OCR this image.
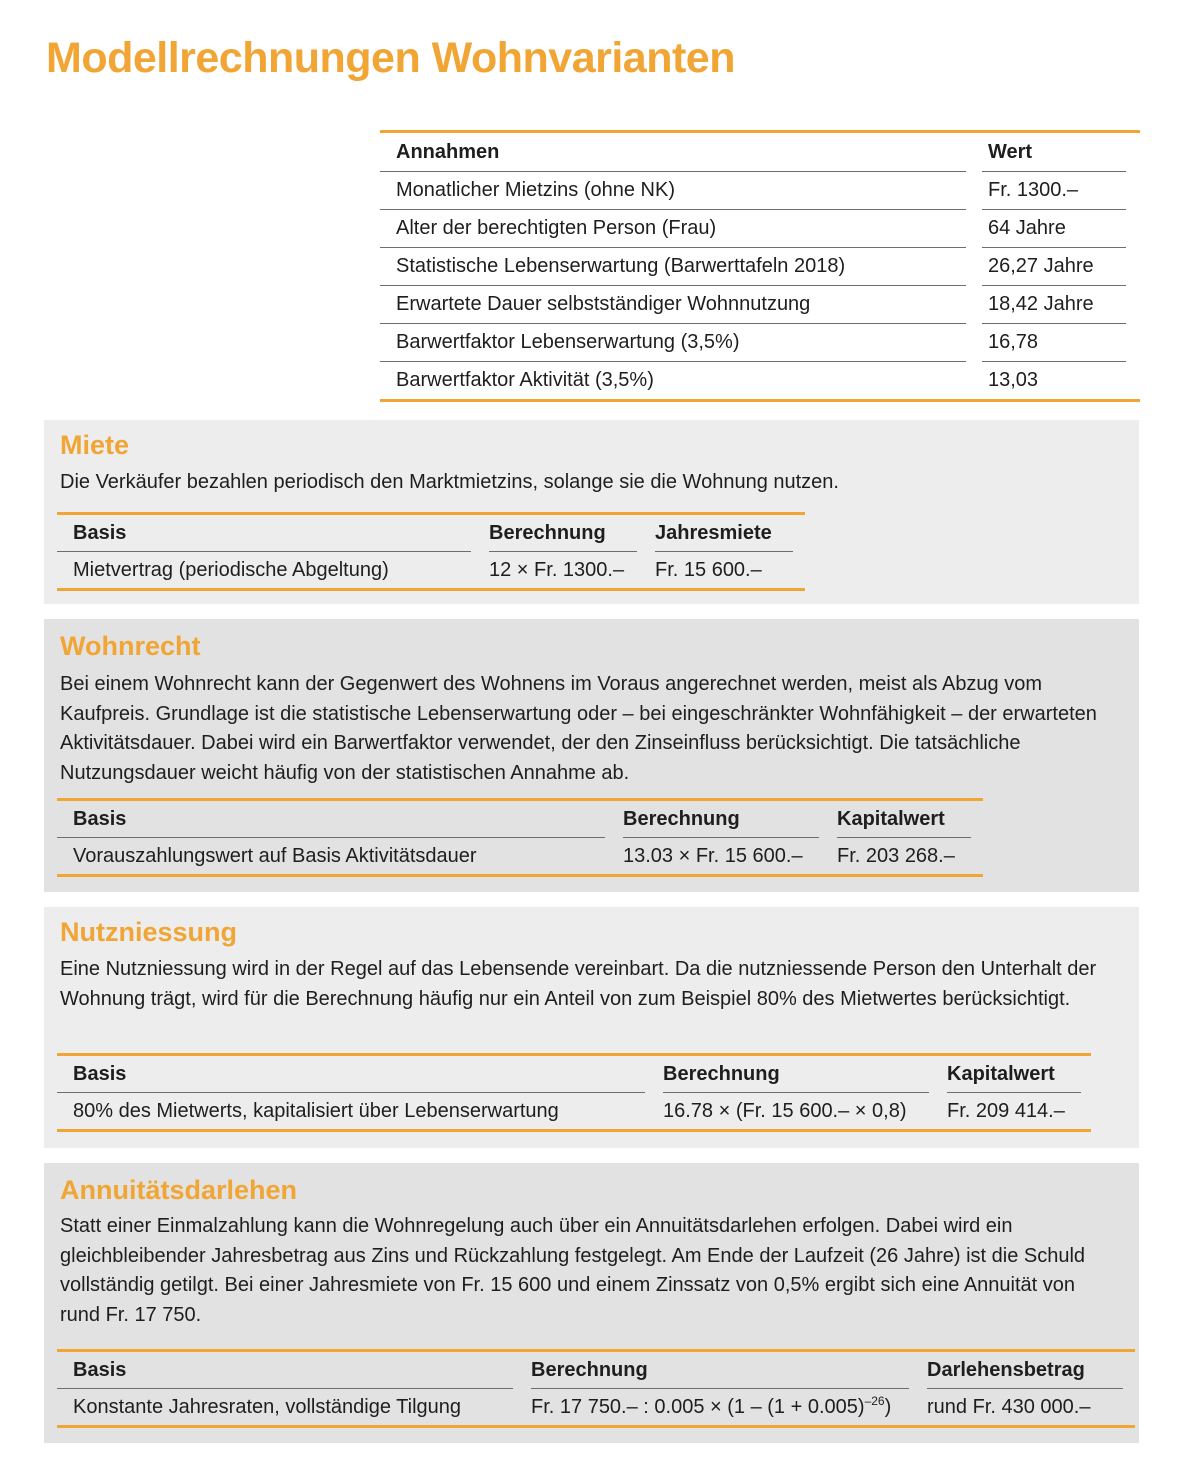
Modellrechnungen Wohnvarianten
Annahmen		Wert	
Monatlicher Mietzins (ohne NK)		Fr. 1300.–	
Alter der berechtigten Person (Frau)		64 Jahre	
Statistische Lebenserwartung (Barwerttafeln 2018)		26,27 Jahre	
Erwartete Dauer selbstständiger Wohnnutzung		18,42 Jahre	
Barwertfaktor Lebenserwartung (3,5%)		16,78	
Barwertfaktor Aktivität (3,5%)		13,03	
Miete

Die Verkäufer bezahlen periodisch den Marktmietzins, solange sie die Wohnung nutzen.

Basis		Berechnung		Jahresmiete
Mietvertrag (periodische Abgeltung)		12 × Fr. 1300.–		Fr. 15 600.–
Wohnrecht

Bei einem Wohnrecht kann der Gegenwert des Wohnens im Voraus angerechnet werden, meist als Abzug vom Kaufpreis. Grundlage ist die statistische Lebenserwartung oder – bei eingeschränkter Wohnfähigkeit – der erwarteten Aktivitätsdauer. Dabei wird ein Barwertfaktor verwendet, der den Zinseinfluss berücksichtigt. Die tatsächliche Nutzungsdauer weicht häufig von der statistischen Annahme ab.

Basis		Berechnung		Kapitalwert
Vorauszahlungswert auf Basis Aktivitätsdauer		13.03 × Fr. 15 600.–		Fr. 203 268.–
Nutzniessung

Eine Nutzniessung wird in der Regel auf das Lebensende vereinbart. Da die nutzniessende Person den Unterhalt der Wohnung trägt, wird für die Berechnung häufig nur ein Anteil von zum Beispiel 80% des Mietwertes berücksichtigt.

Basis		Berechnung		Kapitalwert
80% des Mietwerts, kapitalisiert über Lebenserwartung		16.78 × (Fr. 15 600.– × 0,8)		Fr. 209 414.–
Annuitätsdarlehen

Statt einer Einmalzahlung kann die Wohnregelung auch über ein Annuitätsdarlehen erfolgen. Dabei wird ein gleichbleibender Jahresbetrag aus Zins und Rückzahlung festgelegt. Am Ende der Laufzeit (26 Jahre) ist die Schuld vollständig getilgt. Bei einer Jahresmiete von Fr. 15 600 und einem Zinssatz von 0,5% ergibt sich eine Annuität von rund Fr. 17 750.

Basis		Berechnung		Darlehensbetrag
Konstante Jahresraten, vollständige Tilgung		Fr. 17 750.– : $0.005 \times (1 - (1 + 0.005)^{-26})$		rund Fr. 430 000.–
